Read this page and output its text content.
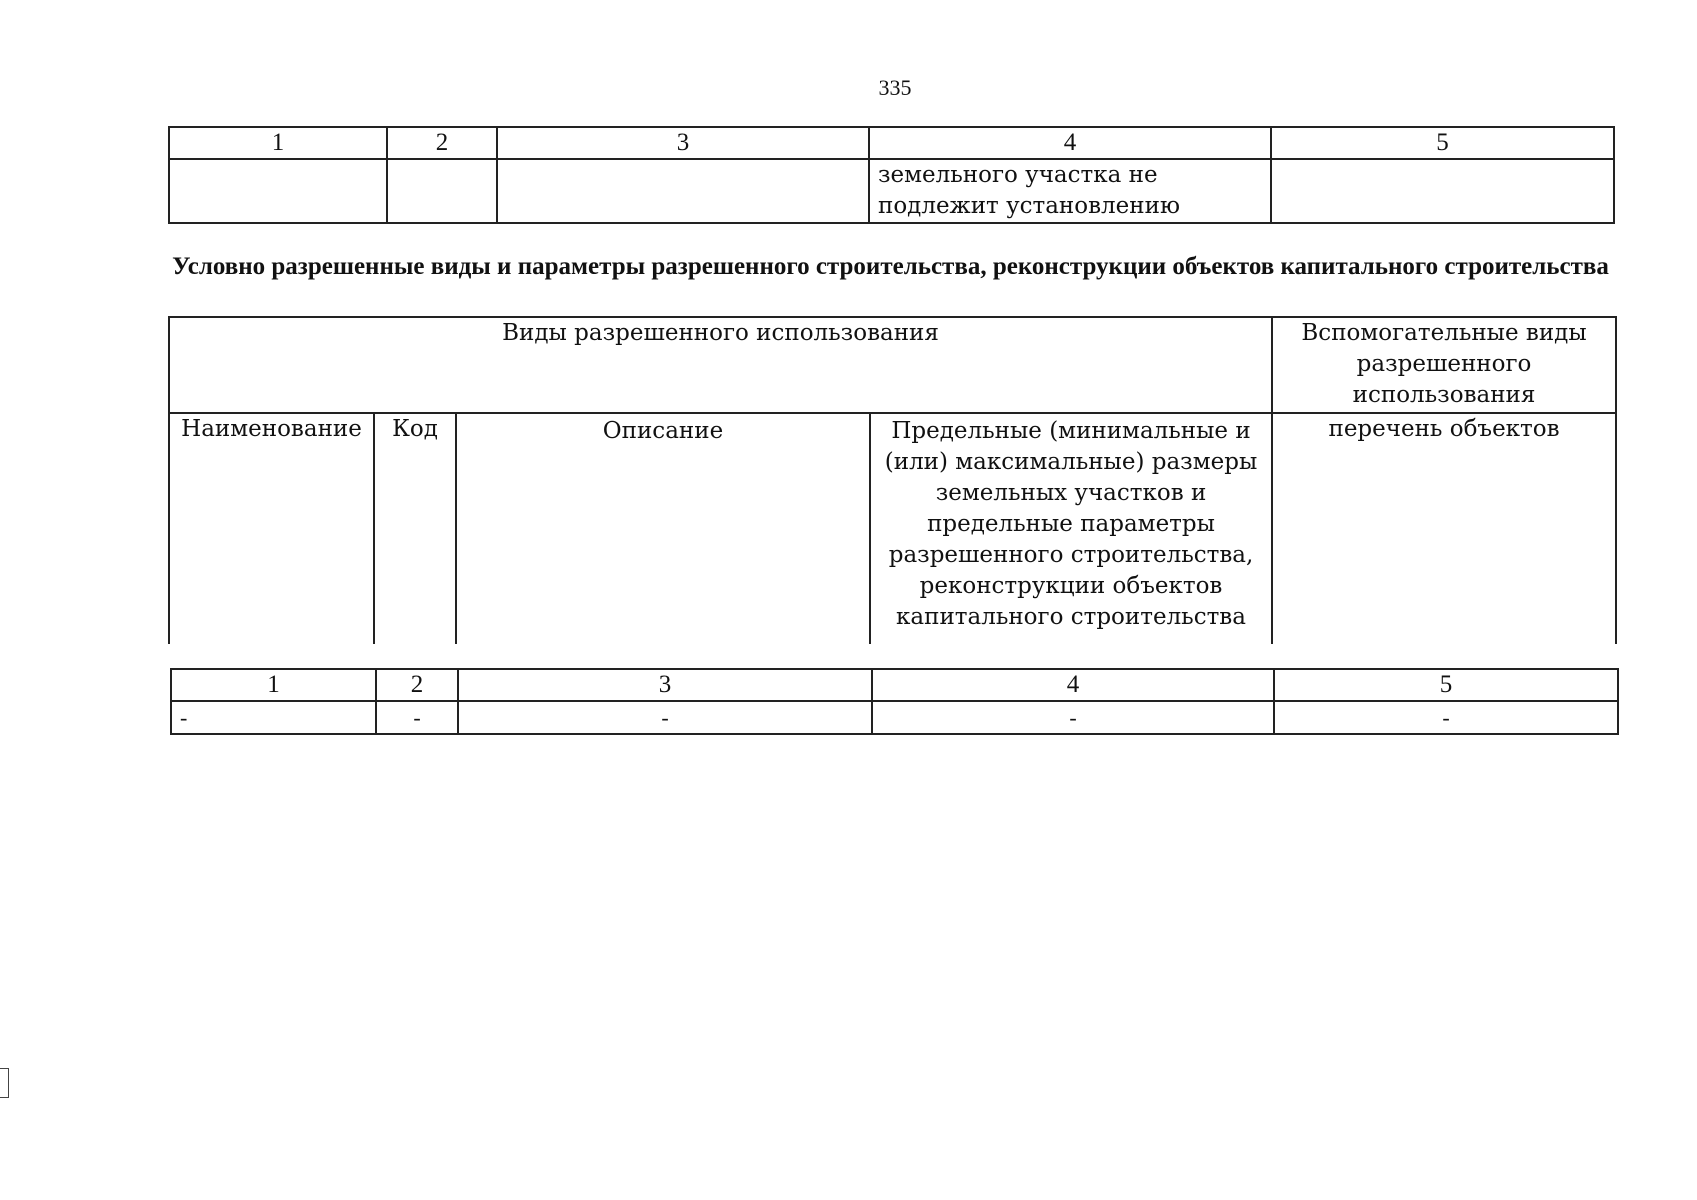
335
1	2	3	4	5
			земельного участка не подлежит установлению	
Условно разрешенные виды и параметры разрешенного строительства, реконструкции объектов капитального строительства
Виды разрешенного использования				Вспомогательные виды разрешенного использования
Наименование	Код	Описание	Предельные (минимальные и (или) максимальные) размеры земельных участков и предельные параметры разрешенного строительства, реконструкции объектов капитального строительства	перечень объектов
1	2	3	4	5
-	-	-	-	-
